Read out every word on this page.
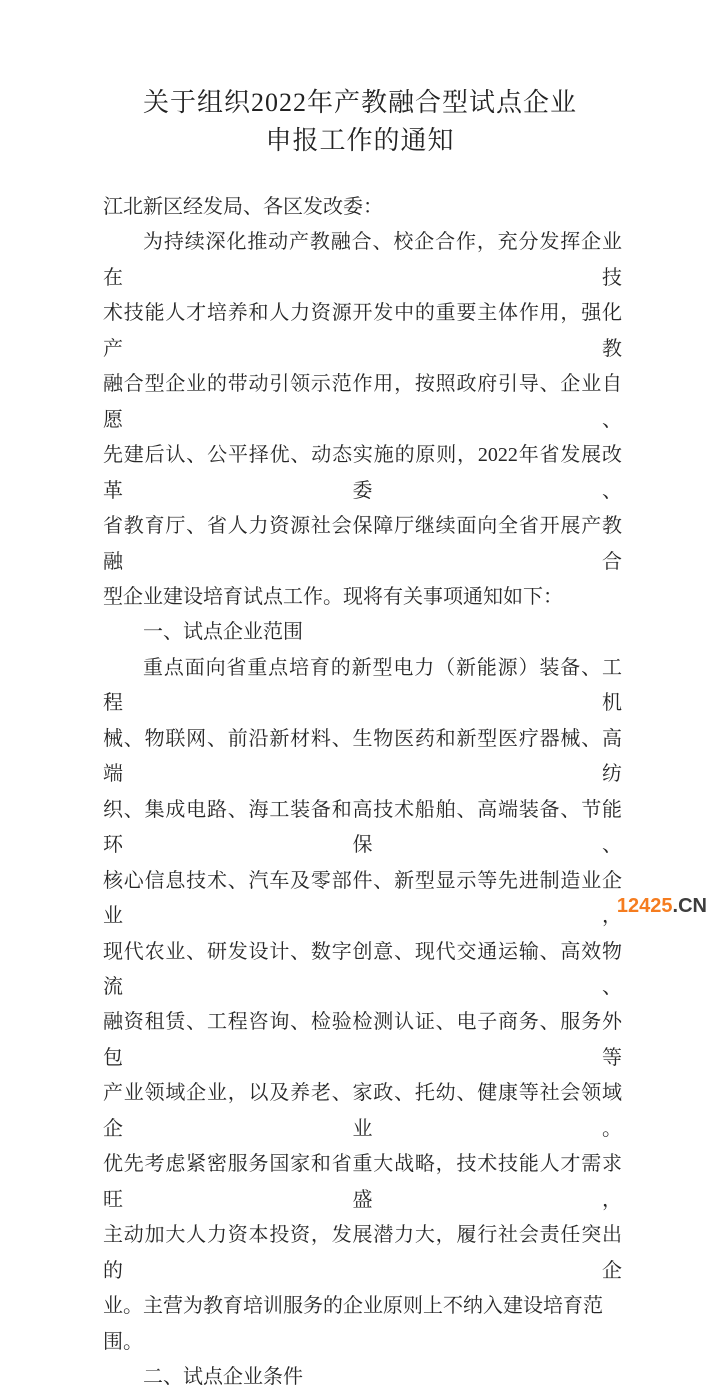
关于组织2022年产教融合型试点企业
申报工作的通知
江北新区经发局、各区发改委：
为持续深化推动产教融合、校企合作，充分发挥企业在技
术技能人才培养和人力资源开发中的重要主体作用，强化产教
融合型企业的带动引领示范作用，按照政府引导、企业自愿、
先建后认、公平择优、动态实施的原则，2022年省发展改革委、
省教育厅、省人力资源社会保障厅继续面向全省开展产教融合
型企业建设培育试点工作。现将有关事项通知如下：
一、试点企业范围
重点面向省重点培育的新型电力（新能源）装备、工程机
械、物联网、前沿新材料、生物医药和新型医疗器械、高端纺
织、集成电路、海工装备和高技术船舶、高端装备、节能环保、
核心信息技术、汽车及零部件、新型显示等先进制造业企业，
现代农业、研发设计、数字创意、现代交通运输、高效物流、
融资租赁、工程咨询、检验检测认证、电子商务、服务外包等
产业领域企业，以及养老、家政、托幼、健康等社会领域企业。
优先考虑紧密服务国家和省重大战略，技术技能人才需求旺盛，
主动加大人力资本投资，发展潜力大，履行社会责任突出的企
业。主营为教育培训服务的企业原则上不纳入建设培育范围。
二、试点企业条件
12425.CN
